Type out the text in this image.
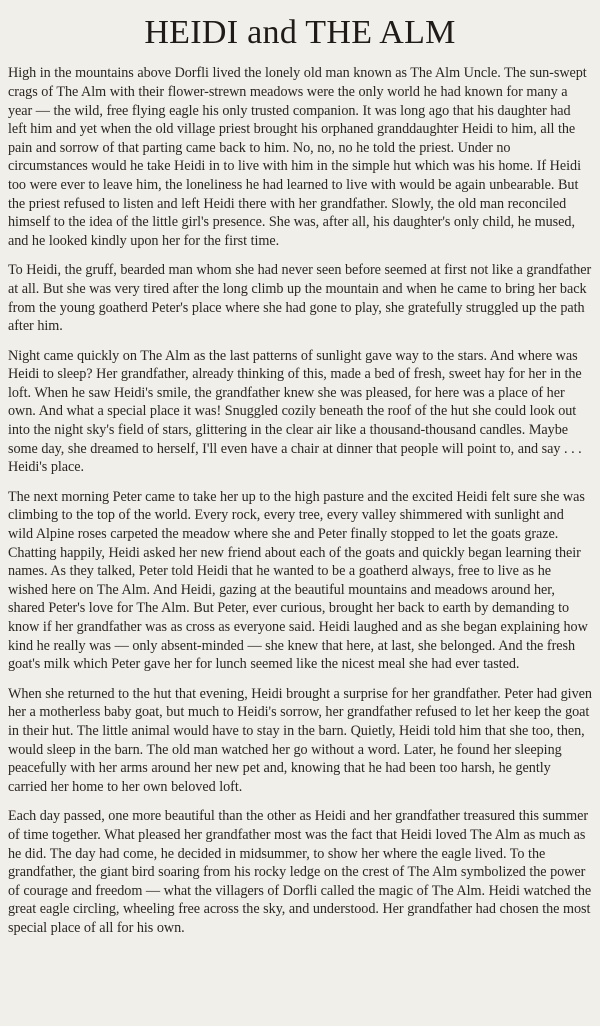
HEIDI and THE ALM

High in the mountains above Dorfli lived the lonely old man known as The Alm Uncle. The sun-swept crags of The Alm with their flower-strewn meadows were the only world he had known for many a year — the wild, free flying eagle his only trusted companion. It was long ago that his daughter had left him and yet when the old village priest brought his orphaned granddaughter Heidi to him, all the pain and sorrow of that parting came back to him. No, no, no he told the priest. Under no circumstances would he take Heidi in to live with him in the simple hut which was his home. If Heidi too were ever to leave him, the loneliness he had learned to live with would be again unbearable. But the priest refused to listen and left Heidi there with her grandfather. Slowly, the old man reconciled himself to the idea of the little girl's presence. She was, after all, his daughter's only child, he mused, and he looked kindly upon her for the first time.

To Heidi, the gruff, bearded man whom she had never seen before seemed at first not like a grandfather at all. But she was very tired after the long climb up the mountain and when he came to bring her back from the young goatherd Peter's place where she had gone to play, she gratefully struggled up the path after him.

Night came quickly on The Alm as the last patterns of sunlight gave way to the stars. And where was Heidi to sleep? Her grandfather, already thinking of this, made a bed of fresh, sweet hay for her in the loft. When he saw Heidi's smile, the grandfather knew she was pleased, for here was a place of her own. And what a special place it was! Snuggled cozily beneath the roof of the hut she could look out into the night sky's field of stars, glittering in the clear air like a thousand-thousand candles. Maybe some day, she dreamed to herself, I'll even have a chair at dinner that people will point to, and say . . . Heidi's place.

The next morning Peter came to take her up to the high pasture and the excited Heidi felt sure she was climbing to the top of the world. Every rock, every tree, every valley shimmered with sunlight and wild Alpine roses carpeted the meadow where she and Peter finally stopped to let the goats graze. Chatting happily, Heidi asked her new friend about each of the goats and quickly began learning their names. As they talked, Peter told Heidi that he wanted to be a goatherd always, free to live as he wished here on The Alm. And Heidi, gazing at the beautiful mountains and meadows around her, shared Peter's love for The Alm. But Peter, ever curious, brought her back to earth by demanding to know if her grandfather was as cross as everyone said. Heidi laughed and as she began explaining how kind he really was — only absent-minded — she knew that here, at last, she belonged. And the fresh goat's milk which Peter gave her for lunch seemed like the nicest meal she had ever tasted.

When she returned to the hut that evening, Heidi brought a surprise for her grandfather. Peter had given her a motherless baby goat, but much to Heidi's sorrow, her grandfather refused to let her keep the goat in their hut. The little animal would have to stay in the barn. Quietly, Heidi told him that she too, then, would sleep in the barn. The old man watched her go without a word. Later, he found her sleeping peacefully with her arms around her new pet and, knowing that he had been too harsh, he gently carried her home to her own beloved loft.

Each day passed, one more beautiful than the other as Heidi and her grandfather treasured this summer of time together. What pleased her grandfather most was the fact that Heidi loved The Alm as much as he did. The day had come, he decided in midsummer, to show her where the eagle lived. To the grandfather, the giant bird soaring from his rocky ledge on the crest of The Alm symbolized the power of courage and freedom — what the villagers of Dorfli called the magic of The Alm. Heidi watched the great eagle circling, wheeling free across the sky, and understood. Her grandfather had chosen the most special place of all for his own.
